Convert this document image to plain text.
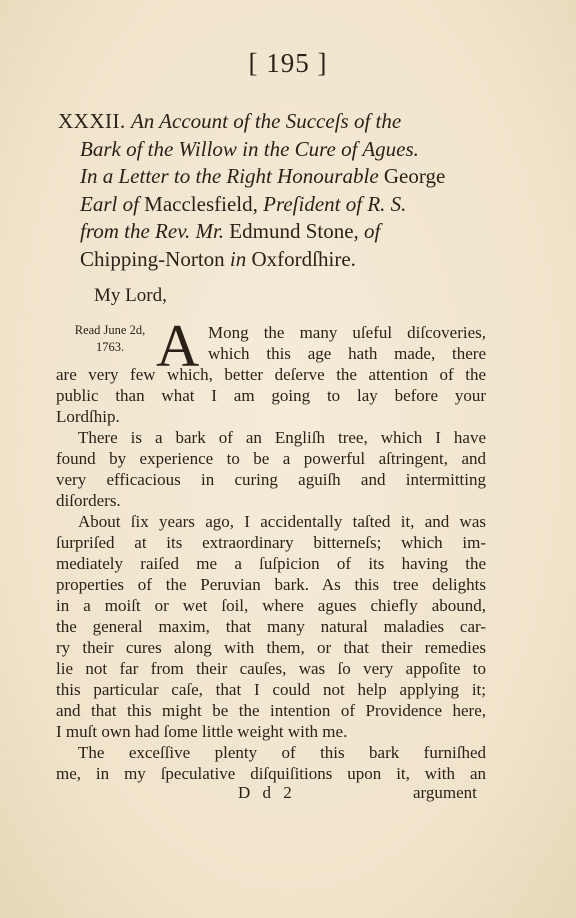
[ 195 ]
XXXII. An Account of the Succeſs of the
Bark of the Willow in the Cure of Agues.
In a Letter to the Right Honourable George
Earl of Macclesfield, Preſident of R. S.
from the Rev. Mr. Edmund Stone, of
Chipping-Norton in Oxfordſhire.
My Lord,
Read June 2d,
1763. A Mong the many uſeful diſcoveries,
which this age hath made, there
are very few which, better deſerve the attention of the
public than what I am going to lay before your
Lordſhip.
There is a bark of an Engliſh tree, which I have
found by experience to be a powerful aſtringent, and
very efficacious in curing aguiſh and intermitting
diſorders.
About ſix years ago, I accidentally taſted it, and was
ſurpriſed at its extraordinary bitterneſs; which im-
mediately raiſed me a ſuſpicion of its having the
properties of the Peruvian bark. As this tree delights
in a moiſt or wet ſoil, where agues chiefly abound,
the general maxim, that many natural maladies car-
ry their cures along with them, or that their remedies
lie not far from their cauſes, was ſo very appoſite to
this particular caſe, that I could not help applying it;
and that this might be the intention of Providence here,
I muſt own had ſome little weight with me.
The exceſſive plenty of this bark furniſhed
me, in my ſpeculative diſquiſitions upon it, with an
D d 2	argument
